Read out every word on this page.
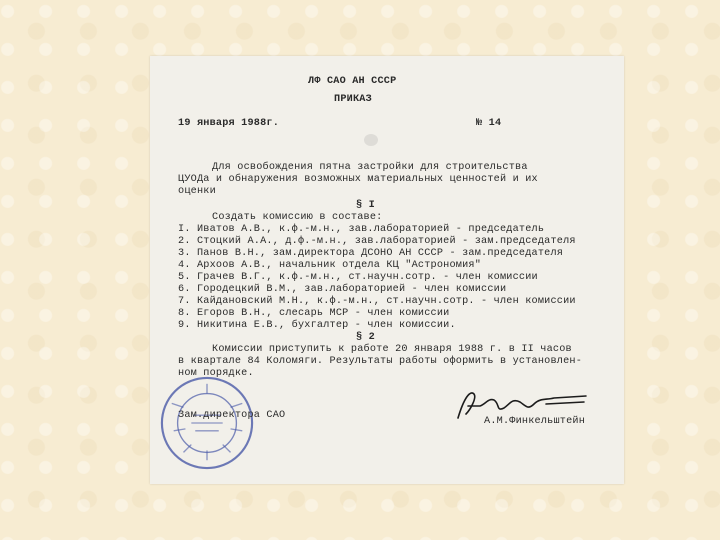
ЛФ САО АН СССР
ПРИКАЗ
19 января 1988г.	№ 14
Для освобождения пятна застройки для строительства
ЦУОДа и обнаружения возможных материальных ценностей и их
оценки
§ I
Создать комиссию в составе:
I. Иватов А.В., к.ф.-м.н., зав.лабораторией - председатель
2. Стоцкий А.А., д.ф.-м.н., зав.лабораторией - зам.председателя
3. Панов В.Н., зам.директора ДСОНО АН СССР - зам.председателя
4. Архоов А.В., начальник отдела КЦ "Астрономия"
5. Грачев В.Г., к.ф.-м.н., ст.научн.сотр. - член комиссии
6. Городецкий В.М., зав.лабораторией - член комиссии
7. Кайдановский М.Н., к.ф.-м.н., ст.научн.сотр. - член комиссии
8. Егоров В.Н., слесарь МСР - член комиссии
9. Никитина Е.В., бухгалтер - член комиссии.
§ 2
Комиссии приступить к работе 20 января 1988 г. в II часов
в квартале 84 Коломяги. Результаты работы оформить в установлен-
ном порядке.
Зам.директора САО
А.М.Финкельштейн
